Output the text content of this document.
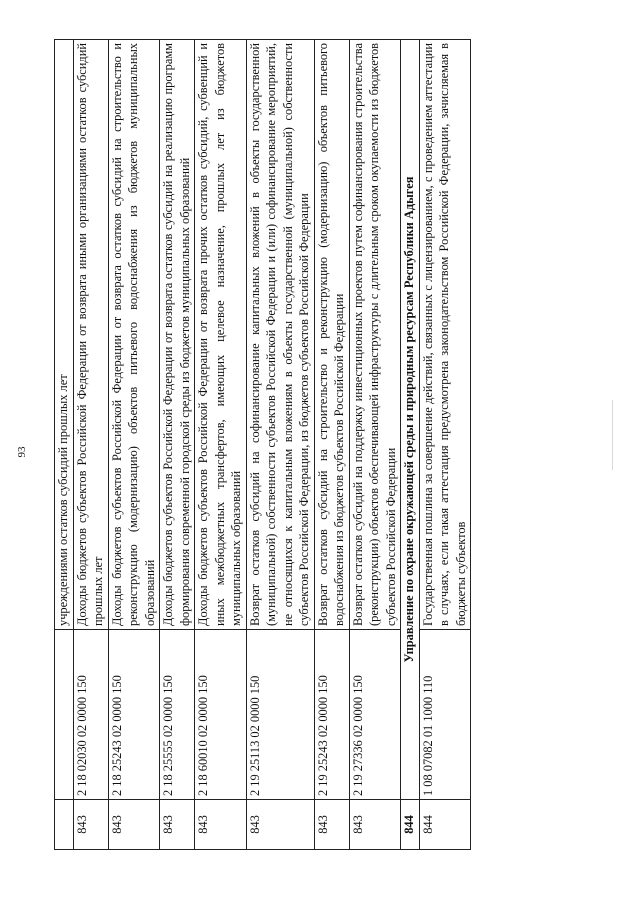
93
		учреждениями остатков субсидий прошлых лет
843	2 18 02030 02 0000 150	Доходы бюджетов субъектов Российской Федерации от возврата иными организациями остатков субсидий прошлых лет
843	2 18 25243 02 0000 150	Доходы бюджетов субъектов Российской Федерации от возврата остатков субсидий на строительство и реконструкцию (модернизацию) объектов питьевого водоснабжения из бюджетов муниципальных образований
843	2 18 25555 02 0000 150	Доходы бюджетов субъектов Российской Федерации от возврата остатков субсидий на реализацию программ формирования современной городской среды из бюджетов муниципальных образований
843	2 18 60010 02 0000 150	Доходы бюджетов субъектов Российской Федерации от возврата прочих остатков субсидий, субвенций и иных межбюджетных трансфертов, имеющих целевое назначение, прошлых лет из бюджетов муниципальных образований
843	2 19 25113 02 0000 150	Возврат остатков субсидий на софинансирование капитальных вложений в объекты государственной (муниципальной) собственности субъектов Российской Федерации и (или) софинансирование мероприятий, не относящихся к капитальным вложениям в объекты государственной (муниципальной) собственности субъектов Российской Федерации, из бюджетов субъектов Российской Федерации
843	2 19 25243 02 0000 150	Возврат остатков субсидий на строительство и реконструкцию (модернизацию) объектов питьевого водоснабжения из бюджетов субъектов Российской Федерации
843	2 19 27336 02 0000 150	Возврат остатков субсидий на поддержку инвестиционных проектов путем софинансирования строительства (реконструкции) объектов обеспечивающей инфраструктуры с длительным сроком окупаемости из бюджетов субъектов Российской Федерации
844	Управление по охране окружающей среды и природным ресурсам Республики Адыгея	
844	1 08 07082 01 1000 110	Государственная пошлина за совершение действий, связанных с лицензированием, с проведением аттестации в случаях, если такая аттестация предусмотрена законодательством Российской Федерации, зачисляемая в бюджеты субъектов
